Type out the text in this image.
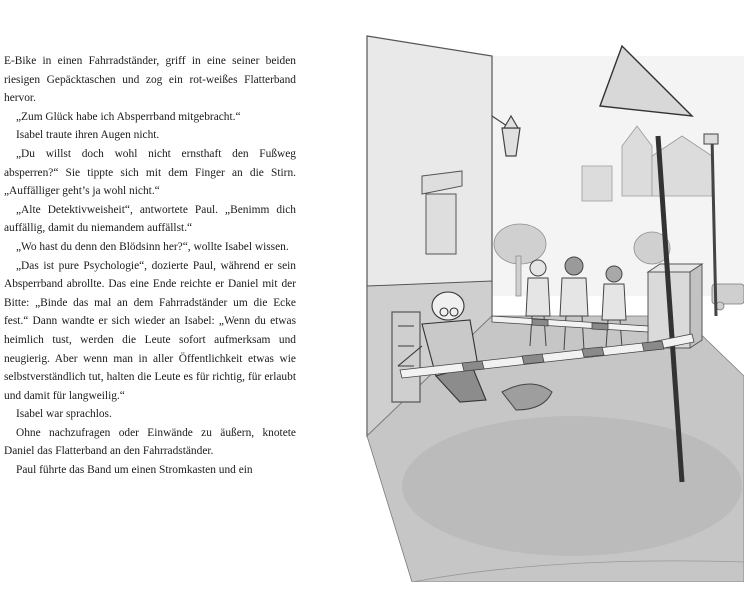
E-Bike in einen Fahrradständer, griff in eine seiner beiden riesigen Gepäcktaschen und zog ein rot-weißes Flatterband hervor.

„Zum Glück habe ich Absperrband mitgebracht.“

Isabel traute ihren Augen nicht.

„Du willst doch wohl nicht ernsthaft den Fußweg absperren?“ Sie tippte sich mit dem Finger an die Stirn. „Auffälliger geht’s ja wohl nicht.“

„Alte Detektivweisheit“, antwortete Paul. „Benimm dich auffällig, damit du niemandem auffällst.“

„Wo hast du denn den Blödsinn her?“, wollte Isabel wissen.

„Das ist pure Psychologie“, dozierte Paul, während er sein Absperrband abrollte. Das eine Ende reichte er Daniel mit der Bitte: „Binde das mal an dem Fahrradständer um die Ecke fest.“ Dann wandte er sich wieder an Isabel: „Wenn du etwas heimlich tust, werden die Leute sofort aufmerksam und neugierig. Aber wenn man in aller Öffentlichkeit etwas wie selbstverständlich tut, halten die Leute es für richtig, für erlaubt und damit für langweilig.“

Isabel war sprachlos.

Ohne nachzufragen oder Einwände zu äußern, knotete Daniel das Flatterband an den Fahrradständer.

Paul führte das Band um einen Stromkasten und ein
